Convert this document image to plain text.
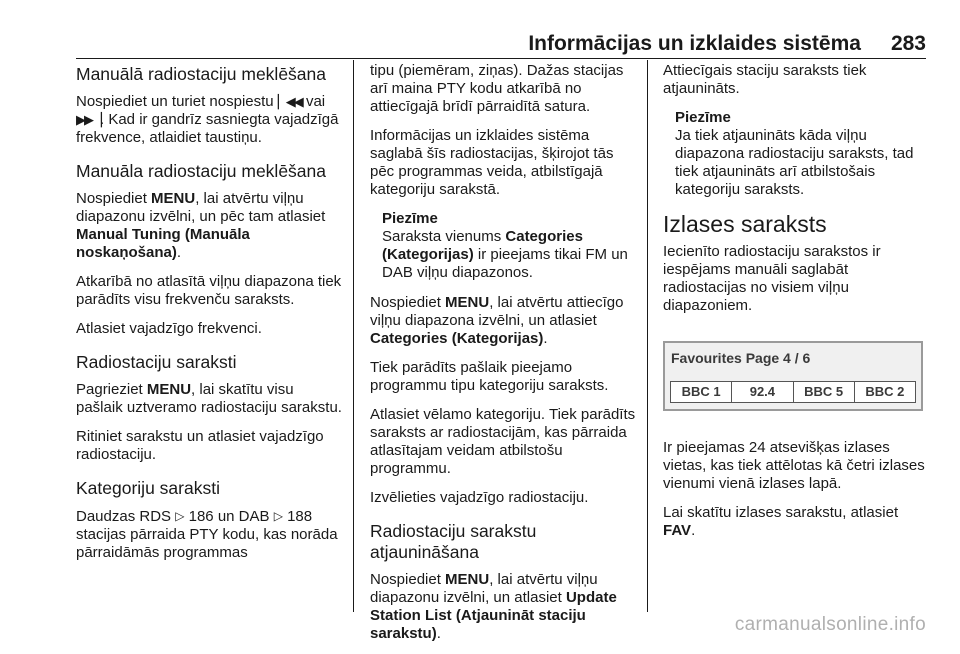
Informācijas un izklaides sistēma 283
Manuālā radiostaciju meklēšana

Nospiediet un turiet nospiestu ▏◀◀ vai ▶▶▕. Kad ir gandrīz sasniegta vajadzīgā frekvence, atlaidiet taustiņu.

Manuāla radiostaciju meklēšana

Nospiediet MENU, lai atvērtu viļņu diapazonu izvēlni, un pēc tam atlasiet Manual Tuning (Manuāla noskaņošana).

Atkarībā no atlasītā viļņu diapazona tiek parādīts visu frekvenču saraksts.

Atlasiet vajadzīgo frekvenci.

Radiostaciju saraksti

Pagrieziet MENU, lai skatītu visu pašlaik uztveramo radiostaciju sarakstu.

Ritiniet sarakstu un atlasiet vajadzīgo radiostaciju.

Kategoriju saraksti

Daudzas RDS ▷ 186 un DAB ▷ 188 stacijas pārraida PTY kodu, kas norāda pārraidāmās programmas

tipu (piemēram, ziņas). Dažas stacijas arī maina PTY kodu atkarībā no attiecīgajā brīdī pārraidītā satura.

Informācijas un izklaides sistēma saglabā šīs radiostacijas, šķirojot tās pēc programmas veida, atbilstīgajā kategoriju sarakstā.

Piezīme
Saraksta vienums Categories (Kategorijas) ir pieejams tikai FM un DAB viļņu diapazonos.

Nospiediet MENU, lai atvērtu attiecīgo viļņu diapazona izvēlni, un atlasiet Categories (Kategorijas).

Tiek parādīts pašlaik pieejamo programmu tipu kategoriju saraksts.

Atlasiet vēlamo kategoriju. Tiek parādīts saraksts ar radiostacijām, kas pārraida atlasītajam veidam atbilstošu programmu.

Izvēlieties vajadzīgo radiostaciju.

Radiostaciju sarakstu atjaunināšana

Nospiediet MENU, lai atvērtu viļņu diapazonu izvēlni, un atlasiet Update Station List (Atjaunināt staciju sarakstu).

Attiecīgais staciju saraksts tiek atjaunināts.

Piezīme
Ja tiek atjaunināts kāda viļņu diapazona radiostaciju saraksts, tad tiek atjaunināts arī atbilstošais kategoriju saraksts.
Izlases saraksts

Iecienīto radiostaciju sarakstos ir iespējams manuāli saglabāt radiostacijas no visiem viļņu diapazoniem.

Favourites Page 4 / 6
BBC 1	92.4	BBC 5	BBC 2

Ir pieejamas 24 atsevišķas izlases vietas, kas tiek attēlotas kā četri izlases vienumi vienā izlases lapā.

Lai skatītu izlases sarakstu, atlasiet FAV.

carmanualsonline.info
